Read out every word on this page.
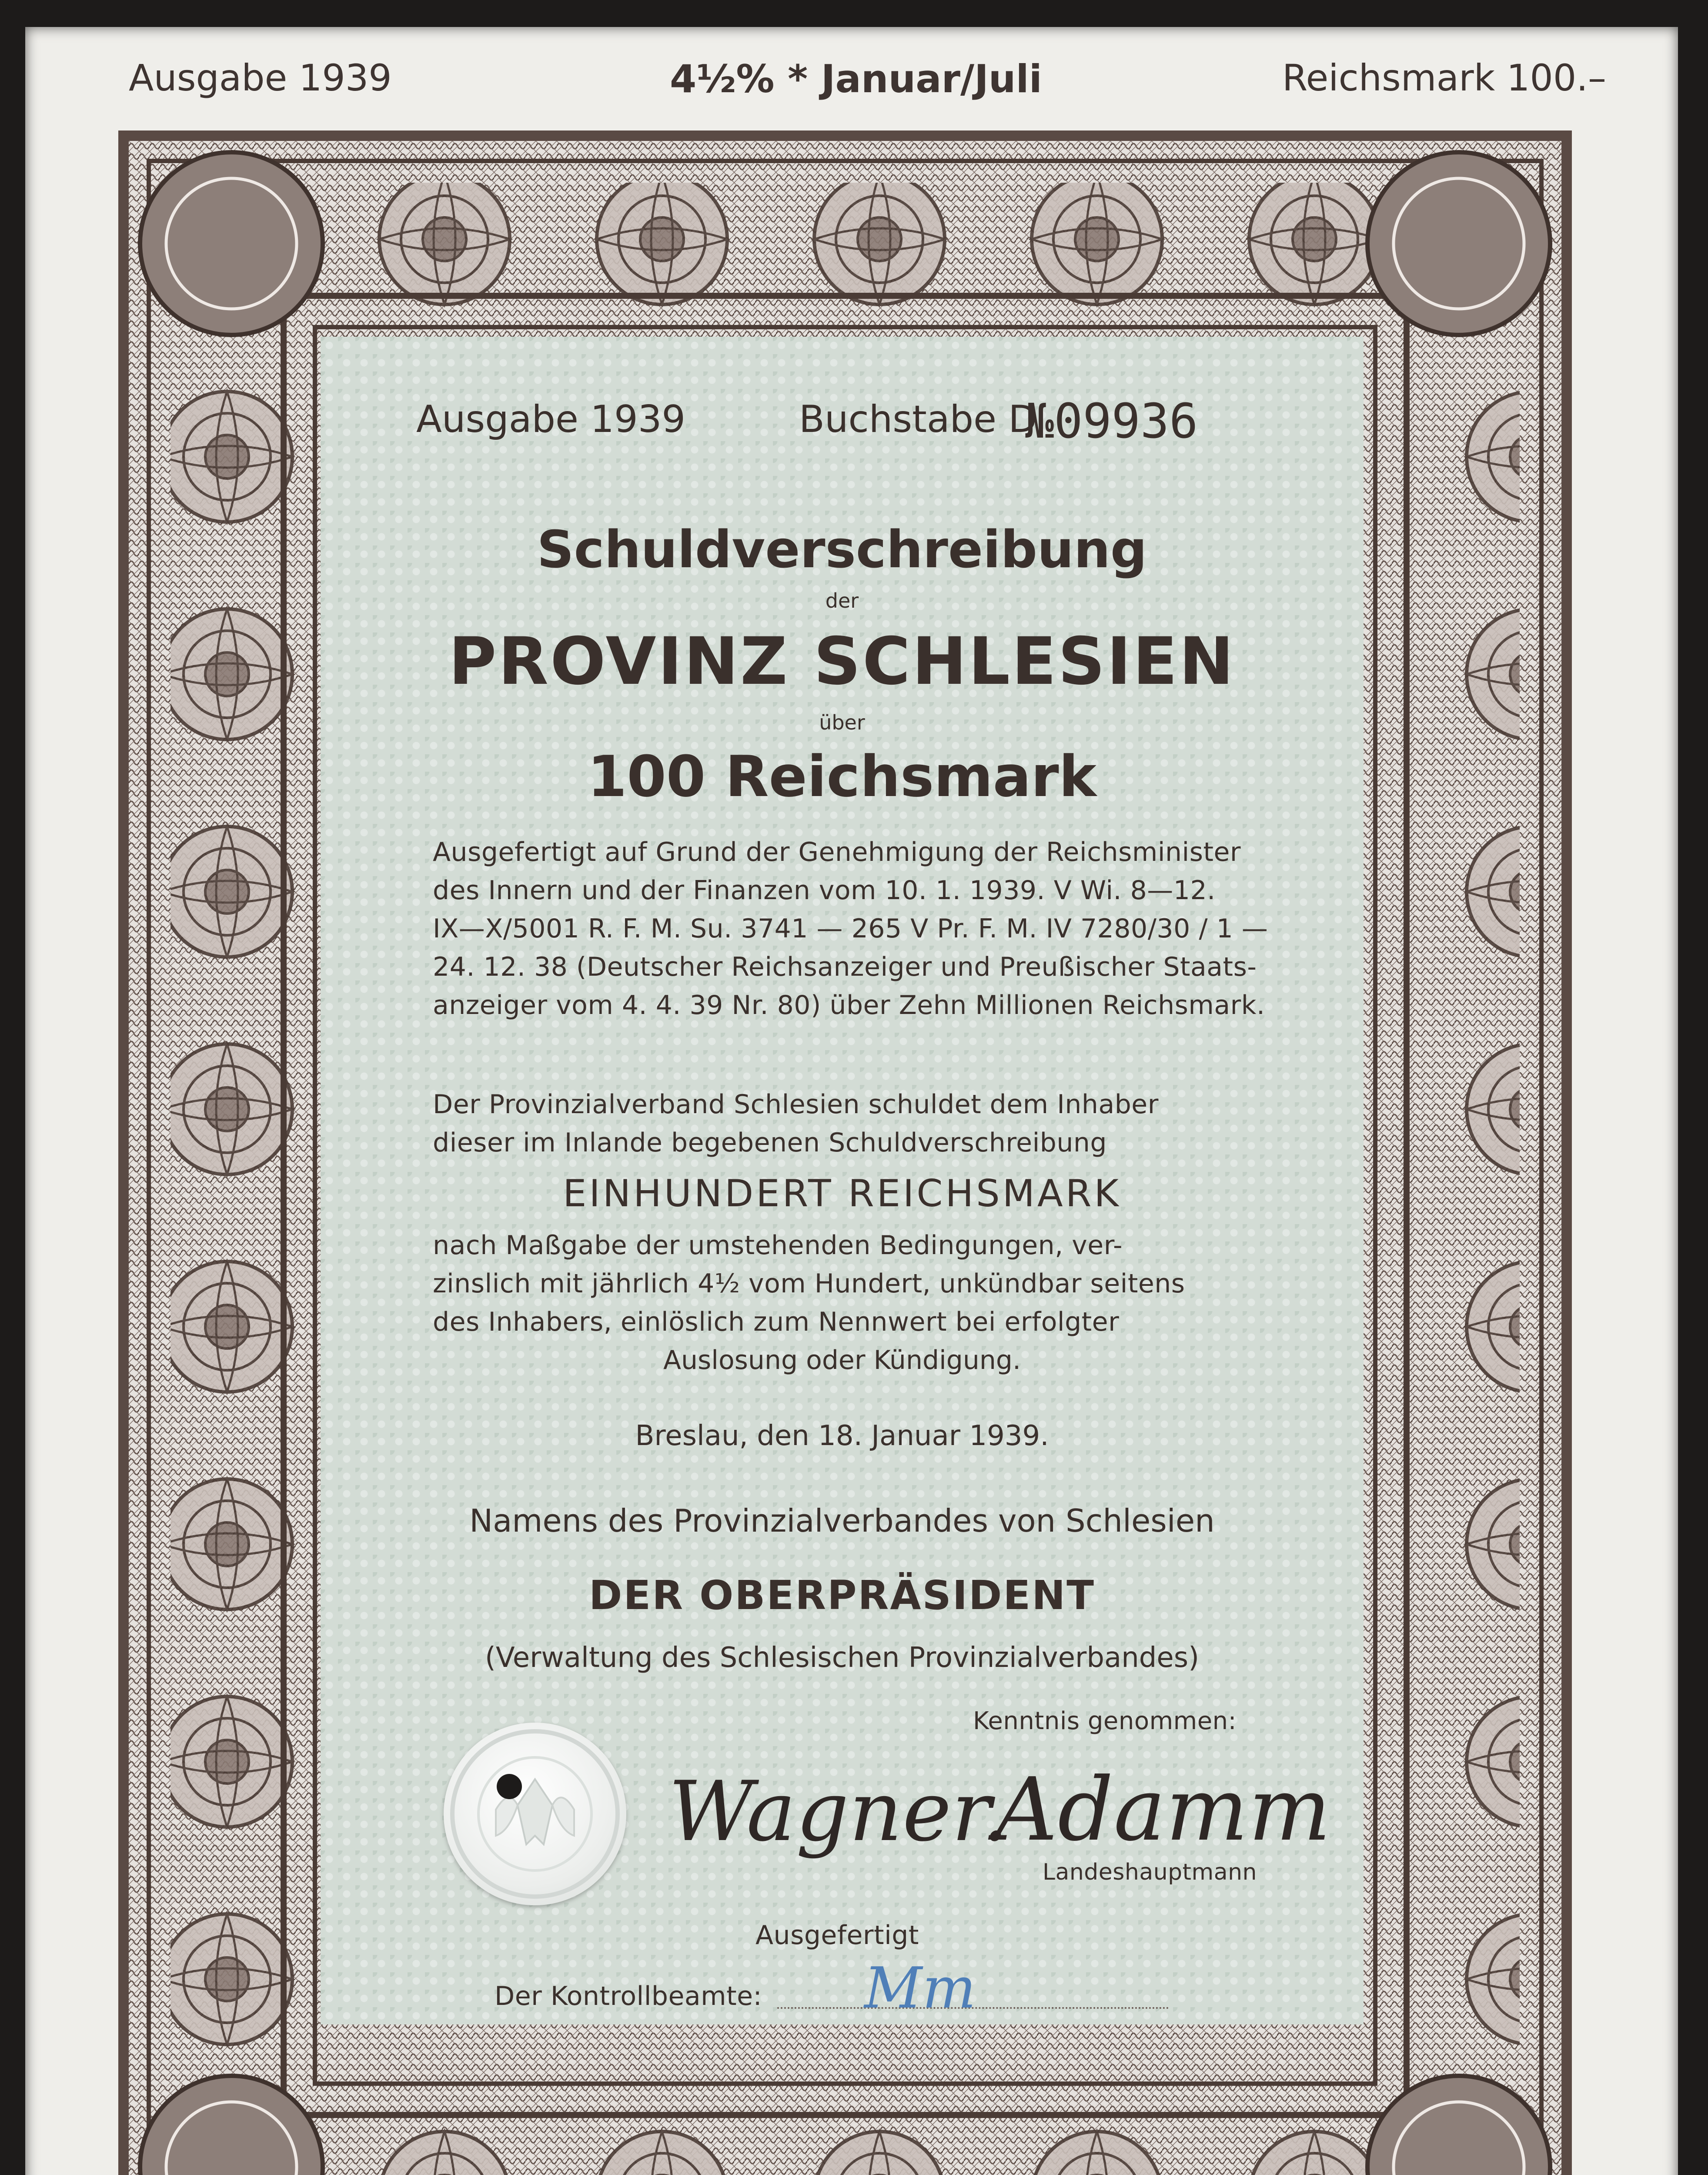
Ausgabe 1939	4½% * Januar/Juli	Reichsmark 100.–
Ausgabe 1939	Buchstabe D
№09936
Schuldverschreibung
der
PROVINZ SCHLESIEN
über
100 Reichsmark
Ausgefertigt auf Grund der Genehmigung der Reichsminister
des Innern und der Finanzen vom 10. 1. 1939. V Wi. 8—12.
IX—X/5001 R. F. M. Su. 3741 — 265 V Pr. F. M. IV 7280/30 / 1 —
24. 12. 38 (Deutscher Reichsanzeiger und Preußischer Staats-
anzeiger vom 4. 4. 39 Nr. 80) über Zehn Millionen Reichsmark.
Der Provinzialverband Schlesien schuldet dem Inhaber
dieser im Inlande begebenen Schuldverschreibung
EINHUNDERT REICHSMARK
nach Maßgabe der umstehenden Bedingungen, ver-
zinslich mit jährlich 4½ vom Hundert, unkündbar seitens
des Inhabers, einlöslich zum Nennwert bei erfolgter
Auslosung oder Kündigung.
Breslau, den 18. Januar 1939.
Namens des Provinzialverbandes von Schlesien
DER OBERPRÄSIDENT
(Verwaltung des Schlesischen Provinzialverbandes)
Kenntnis genommen:
Wagner.
Adamm
Landeshauptmann
Ausgefertigt
Der Kontrollbeamte: Mm
